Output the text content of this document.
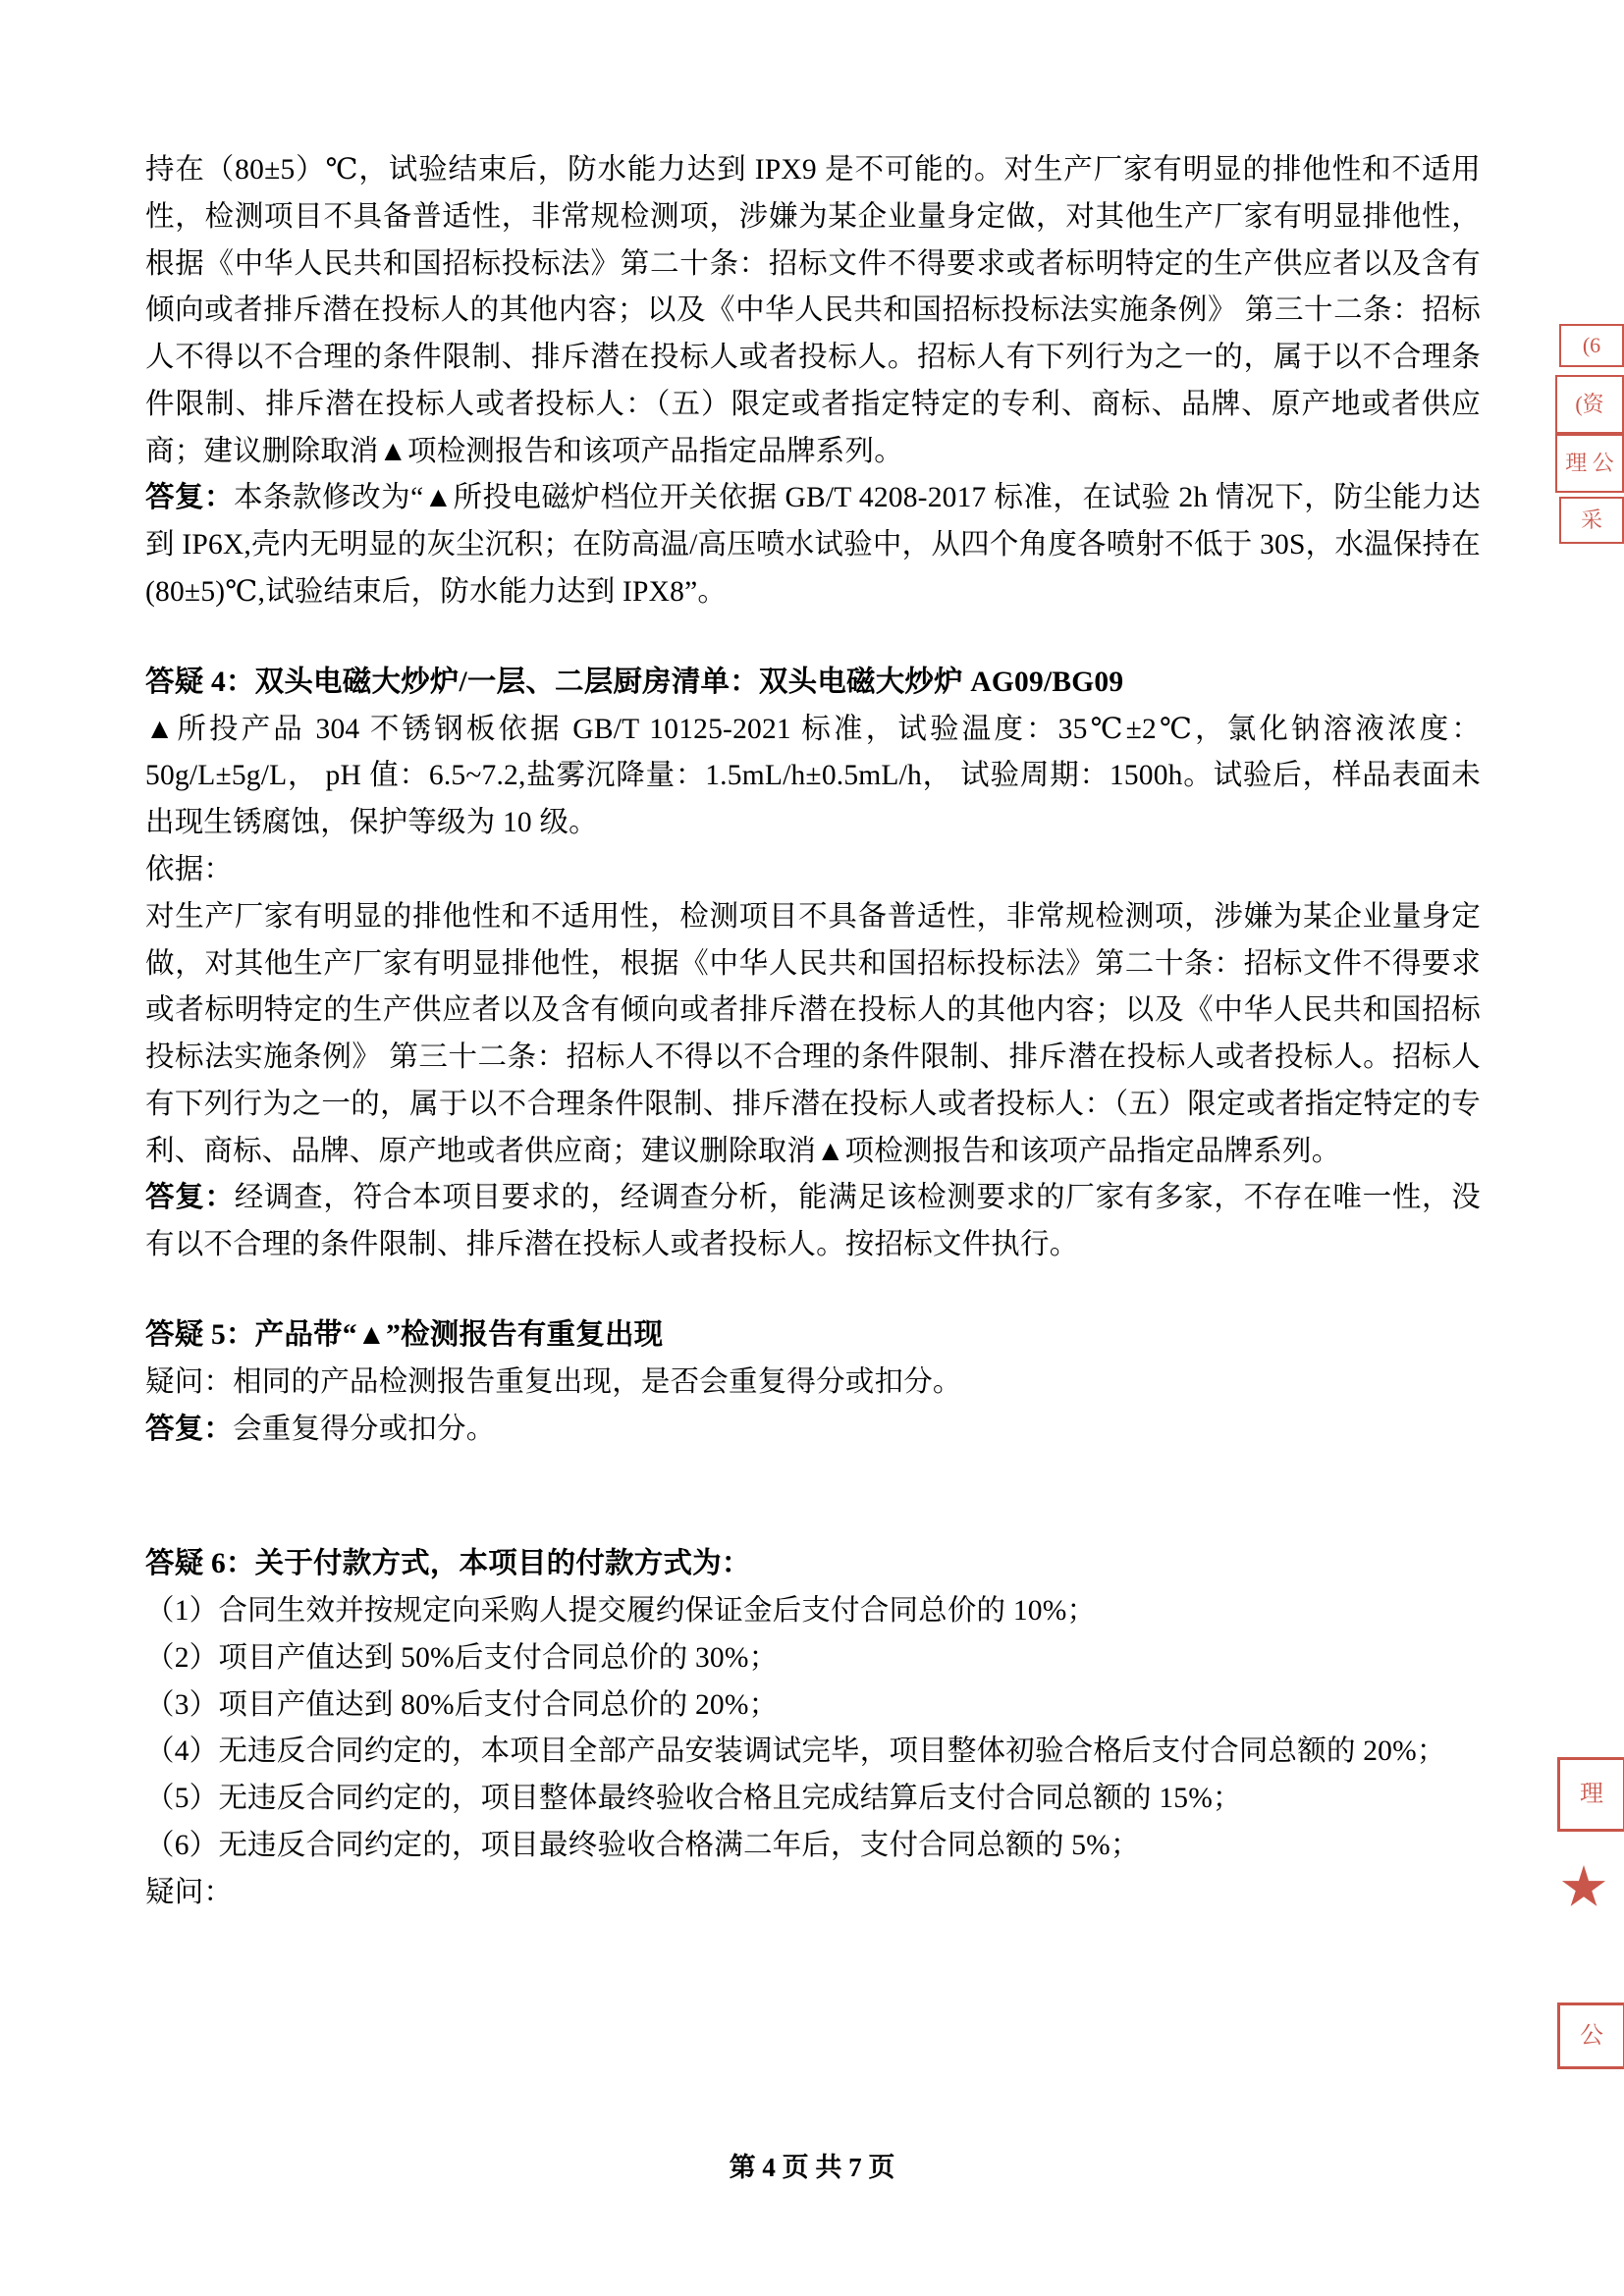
持在（80±5）℃，试验结束后，防水能力达到 IPX9 是不可能的。对生产厂家有明显的排他性和不适用性，检测项目不具备普适性，非常规检测项，涉嫌为某企业量身定做，对其他生产厂家有明显排他性，根据《中华人民共和国招标投标法》第二十条：招标文件不得要求或者标明特定的生产供应者以及含有倾向或者排斥潜在投标人的其他内容；以及《中华人民共和国招标投标法实施条例》 第三十二条：招标人不得以不合理的条件限制、排斥潜在投标人或者投标人。招标人有下列行为之一的，属于以不合理条件限制、排斥潜在投标人或者投标人：（五）限定或者指定特定的专利、商标、品牌、原产地或者供应商；建议删除取消▲项检测报告和该项产品指定品牌系列。

答复：本条款修改为“▲所投电磁炉档位开关依据 GB/T 4208-2017 标准，在试验 2h 情况下，防尘能力达到 IP6X,壳内无明显的灰尘沉积；在防高温/高压喷水试验中，从四个角度各喷射不低于 30S，水温保持在(80±5)℃,试验结束后，防水能力达到 IPX8”。

答疑 4：双头电磁大炒炉/一层、二层厨房清单：双头电磁大炒炉 AG09/BG09

▲所投产品 304 不锈钢板依据 GB/T 10125-2021 标准，试验温度：35℃±2℃，氯化钠溶液浓度：50g/L±5g/L， pH 值：6.5~7.2,盐雾沉降量：1.5mL/h±0.5mL/h， 试验周期：1500h。试验后，样品表面未出现生锈腐蚀，保护等级为 10 级。

依据：

对生产厂家有明显的排他性和不适用性，检测项目不具备普适性，非常规检测项，涉嫌为某企业量身定做，对其他生产厂家有明显排他性，根据《中华人民共和国招标投标法》第二十条：招标文件不得要求或者标明特定的生产供应者以及含有倾向或者排斥潜在投标人的其他内容；以及《中华人民共和国招标投标法实施条例》 第三十二条：招标人不得以不合理的条件限制、排斥潜在投标人或者投标人。招标人有下列行为之一的，属于以不合理条件限制、排斥潜在投标人或者投标人：（五）限定或者指定特定的专利、商标、品牌、原产地或者供应商；建议删除取消▲项检测报告和该项产品指定品牌系列。

答复：经调查，符合本项目要求的，经调查分析，能满足该检测要求的厂家有多家，不存在唯一性，没有以不合理的条件限制、排斥潜在投标人或者投标人。按招标文件执行。

答疑 5：产品带“▲”检测报告有重复出现

疑问：相同的产品检测报告重复出现，是否会重复得分或扣分。

答复：会重复得分或扣分。

答疑 6：关于付款方式，本项目的付款方式为：

（1）合同生效并按规定向采购人提交履约保证金后支付合同总价的 10%；

（2）项目产值达到 50%后支付合同总价的 30%；

（3）项目产值达到 80%后支付合同总价的 20%；

（4）无违反合同约定的，本项目全部产品安装调试完毕，项目整体初验合格后支付合同总额的 20%；

（5）无违反合同约定的，项目整体最终验收合格且完成结算后支付合同总额的 15%；

（6）无违反合同约定的，项目最终验收合格满二年后，支付合同总额的 5%；

疑问：

(6
(资
理 公
采
理
公
第 4 页 共 7 页
